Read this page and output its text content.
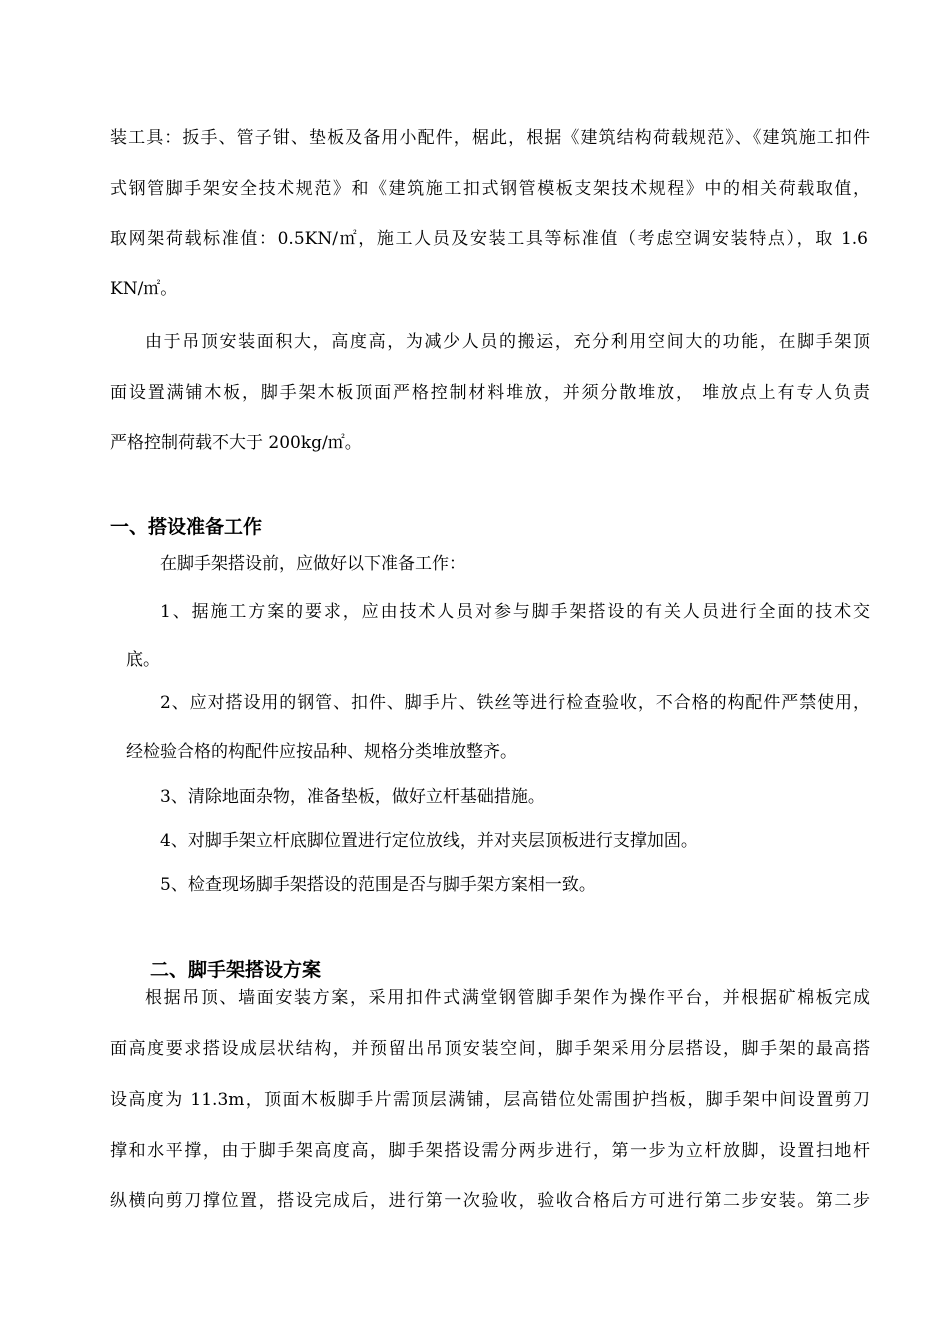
装工具：扳手、管子钳、垫板及备用小配件，椐此，根据《建筑结构荷载规范》、《建筑施工扣件
式钢管脚手架安全技术规范》和《建筑施工扣式钢管模板支架技术规程》中的相关荷载取值，
取网架荷载标准值：0.5KN/㎡，施工人员及安装工具等标准值（考虑空调安装特点），取 1.6
KN/㎡。
由于吊顶安装面积大，高度高，为减少人员的搬运，充分利用空间大的功能，在脚手架顶
面设置满铺木板，脚手架木板顶面严格控制材料堆放，并须分散堆放， 堆放点上有专人负责
严格控制荷载不大于 200kg/㎡。
一、搭设准备工作
在脚手架搭设前，应做好以下准备工作：
1、据施工方案的要求，应由技术人员对参与脚手架搭设的有关人员进行全面的技术交
底。
2、应对搭设用的钢管、扣件、脚手片、铁丝等进行检查验收，不合格的构配件严禁使用，
经检验合格的构配件应按品种、规格分类堆放整齐。
3、清除地面杂物，准备垫板，做好立杆基础措施。
4、对脚手架立杆底脚位置进行定位放线，并对夹层顶板进行支撑加固。
5、检查现场脚手架搭设的范围是否与脚手架方案相一致。
二、脚手架搭设方案
根据吊顶、墙面安装方案，采用扣件式满堂钢管脚手架作为操作平台，并根据矿棉板完成
面高度要求搭设成层状结构，并预留出吊顶安装空间，脚手架采用分层搭设，脚手架的最高搭
设高度为 11.3m，顶面木板脚手片需顶层满铺，层高错位处需围护挡板，脚手架中间设置剪刀
撑和水平撑，由于脚手架高度高，脚手架搭设需分两步进行，第一步为立杆放脚，设置扫地杆
纵横向剪刀撑位置，搭设完成后，进行第一次验收，验收合格后方可进行第二步安装。第二步
